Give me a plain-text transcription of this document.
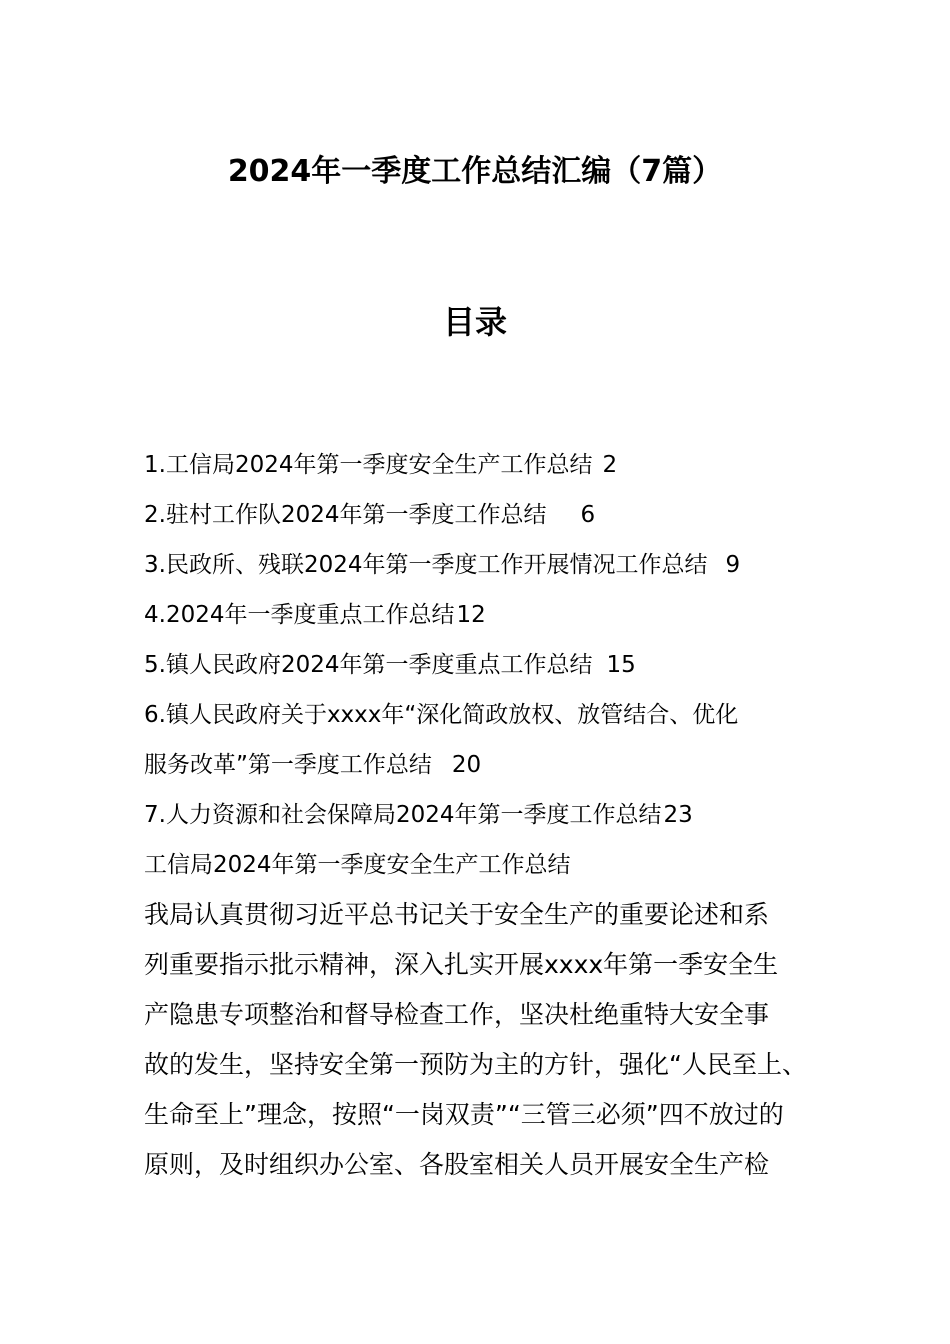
2024年一季度工作总结汇编（7篇）
目录
1.工信局2024年第一季度安全生产工作总结 2
2.驻村工作队2024年第一季度工作总结 6
3.民政所、残联2024年第一季度工作开展情况工作总结 9
4.2024年一季度重点工作总结12
5.镇人民政府2024年第一季度重点工作总结 15
6.镇人民政府关于xxxx年“深化简政放权、放管结合、优化
服务改革”第一季度工作总结 20
7.人力资源和社会保障局2024年第一季度工作总结23
工信局2024年第一季度安全生产工作总结
我局认真贯彻习近平总书记关于安全生产的重要论述和系
列重要指示批示精神，深入扎实开展xxxx年第一季安全生
产隐患专项整治和督导检查工作，坚决杜绝重特大安全事
故的发生，坚持安全第一预防为主的方针，强化“人民至上、
生命至上”理念，按照“一岗双责”“三管三必须”四不放过的
原则，及时组织办公室、各股室相关人员开展安全生产检
